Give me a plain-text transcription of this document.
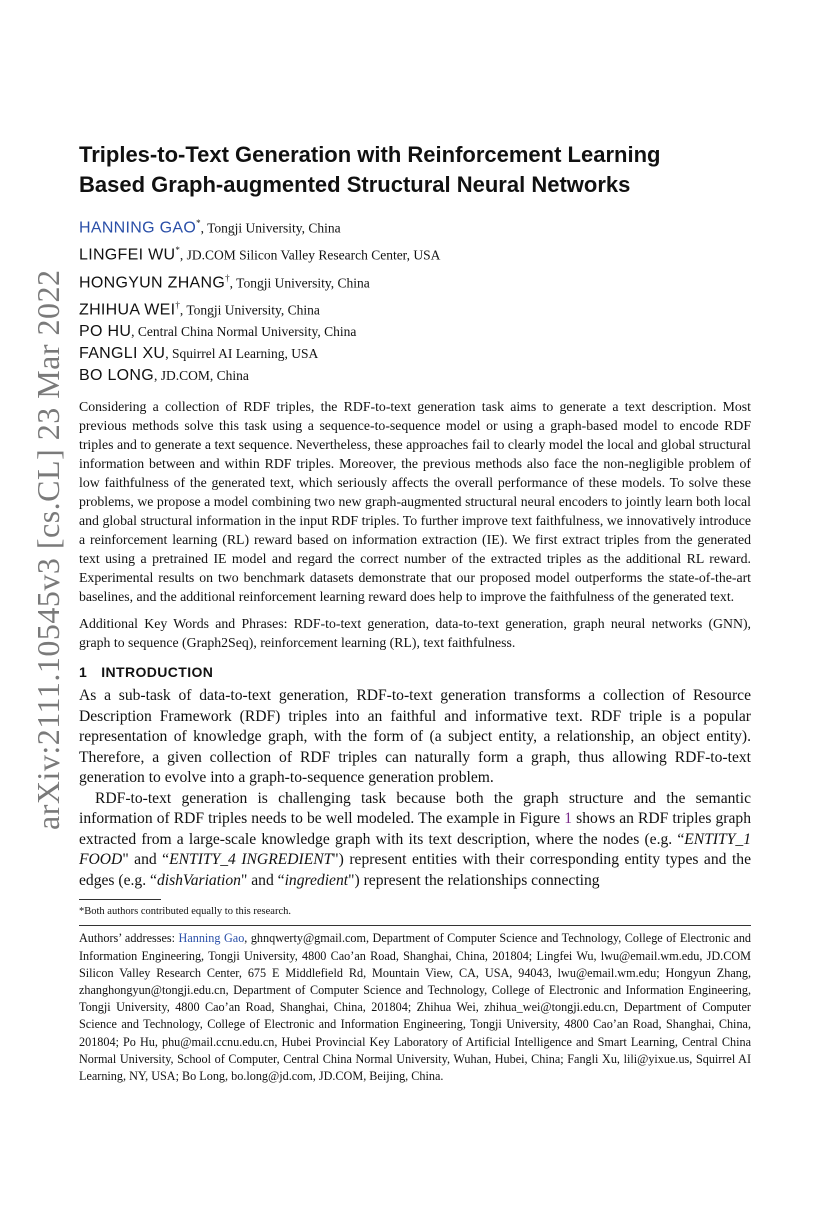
arXiv:2111.10545v3 [cs.CL] 23 Mar 2022
Triples-to-Text Generation with Reinforcement Learning
Based Graph-augmented Structural Neural Networks
HANNING GAO*, Tongji University, China
LINGFEI WU*, JD.COM Silicon Valley Research Center, USA
HONGYUN ZHANG†, Tongji University, China
ZHIHUA WEI†, Tongji University, China
PO HU, Central China Normal University, China
FANGLI XU, Squirrel AI Learning, USA
BO LONG, JD.COM, China
Considering a collection of RDF triples, the RDF-to-text generation task aims to generate a text description. Most previous methods solve this task using a sequence-to-sequence model or using a graph-based model to encode RDF triples and to generate a text sequence. Nevertheless, these approaches fail to clearly model the local and global structural information between and within RDF triples. Moreover, the previous methods also face the non-negligible problem of low faithfulness of the generated text, which seriously affects the overall performance of these models. To solve these problems, we propose a model combining two new graph-augmented structural neural encoders to jointly learn both local and global structural information in the input RDF triples. To further improve text faithfulness, we innovatively introduce a reinforcement learning (RL) reward based on information extraction (IE). We first extract triples from the generated text using a pretrained IE model and regard the correct number of the extracted triples as the additional RL reward. Experimental results on two benchmark datasets demonstrate that our proposed model outperforms the state-of-the-art baselines, and the additional reinforcement learning reward does help to improve the faithfulness of the generated text.
Additional Key Words and Phrases: RDF-to-text generation, data-to-text generation, graph neural networks (GNN), graph to sequence (Graph2Seq), reinforcement learning (RL), text faithfulness.
1 INTRODUCTION

As a sub-task of data-to-text generation, RDF-to-text generation transforms a collection of Resource Description Framework (RDF) triples into an faithful and informative text. RDF triple is a popular representation of knowledge graph, with the form of (a subject entity, a relationship, an object entity). Therefore, a given collection of RDF triples can naturally form a graph, thus allowing RDF-to-text generation to evolve into a graph-to-sequence generation problem.

RDF-to-text generation is challenging task because both the graph structure and the semantic information of RDF triples needs to be well modeled. The example in Figure 1 shows an RDF triples graph extracted from a large-scale knowledge graph with its text description, where the nodes (e.g. “ENTITY_1 FOOD" and “ENTITY_4 INGREDIENT") represent entities with their corresponding entity types and the edges (e.g. “dishVariation" and “ingredient") represent the relationships connecting

*Both authors contributed equally to this research.
Authors’ addresses: Hanning Gao, ghnqwerty@gmail.com, Department of Computer Science and Technology, College of Electronic and Information Engineering, Tongji University, 4800 Cao’an Road, Shanghai, China, 201804; Lingfei Wu, lwu@email.wm.edu, JD.COM Silicon Valley Research Center, 675 E Middlefield Rd, Mountain View, CA, USA, 94043, lwu@email.wm.edu; Hongyun Zhang, zhanghongyun@tongji.edu.cn, Department of Computer Science and Technology, College of Electronic and Information Engineering, Tongji University, 4800 Cao’an Road, Shanghai, China, 201804; Zhihua Wei, zhihua_wei@tongji.edu.cn, Department of Computer Science and Technology, College of Electronic and Information Engineering, Tongji University, 4800 Cao’an Road, Shanghai, China, 201804; Po Hu, phu@mail.ccnu.edu.cn, Hubei Provincial Key Laboratory of Artificial Intelligence and Smart Learning, Central China Normal University, School of Computer, Central China Normal University, Wuhan, Hubei, China; Fangli Xu, lili@yixue.us, Squirrel AI Learning, NY, USA; Bo Long, bo.long@jd.com, JD.COM, Beijing, China.
